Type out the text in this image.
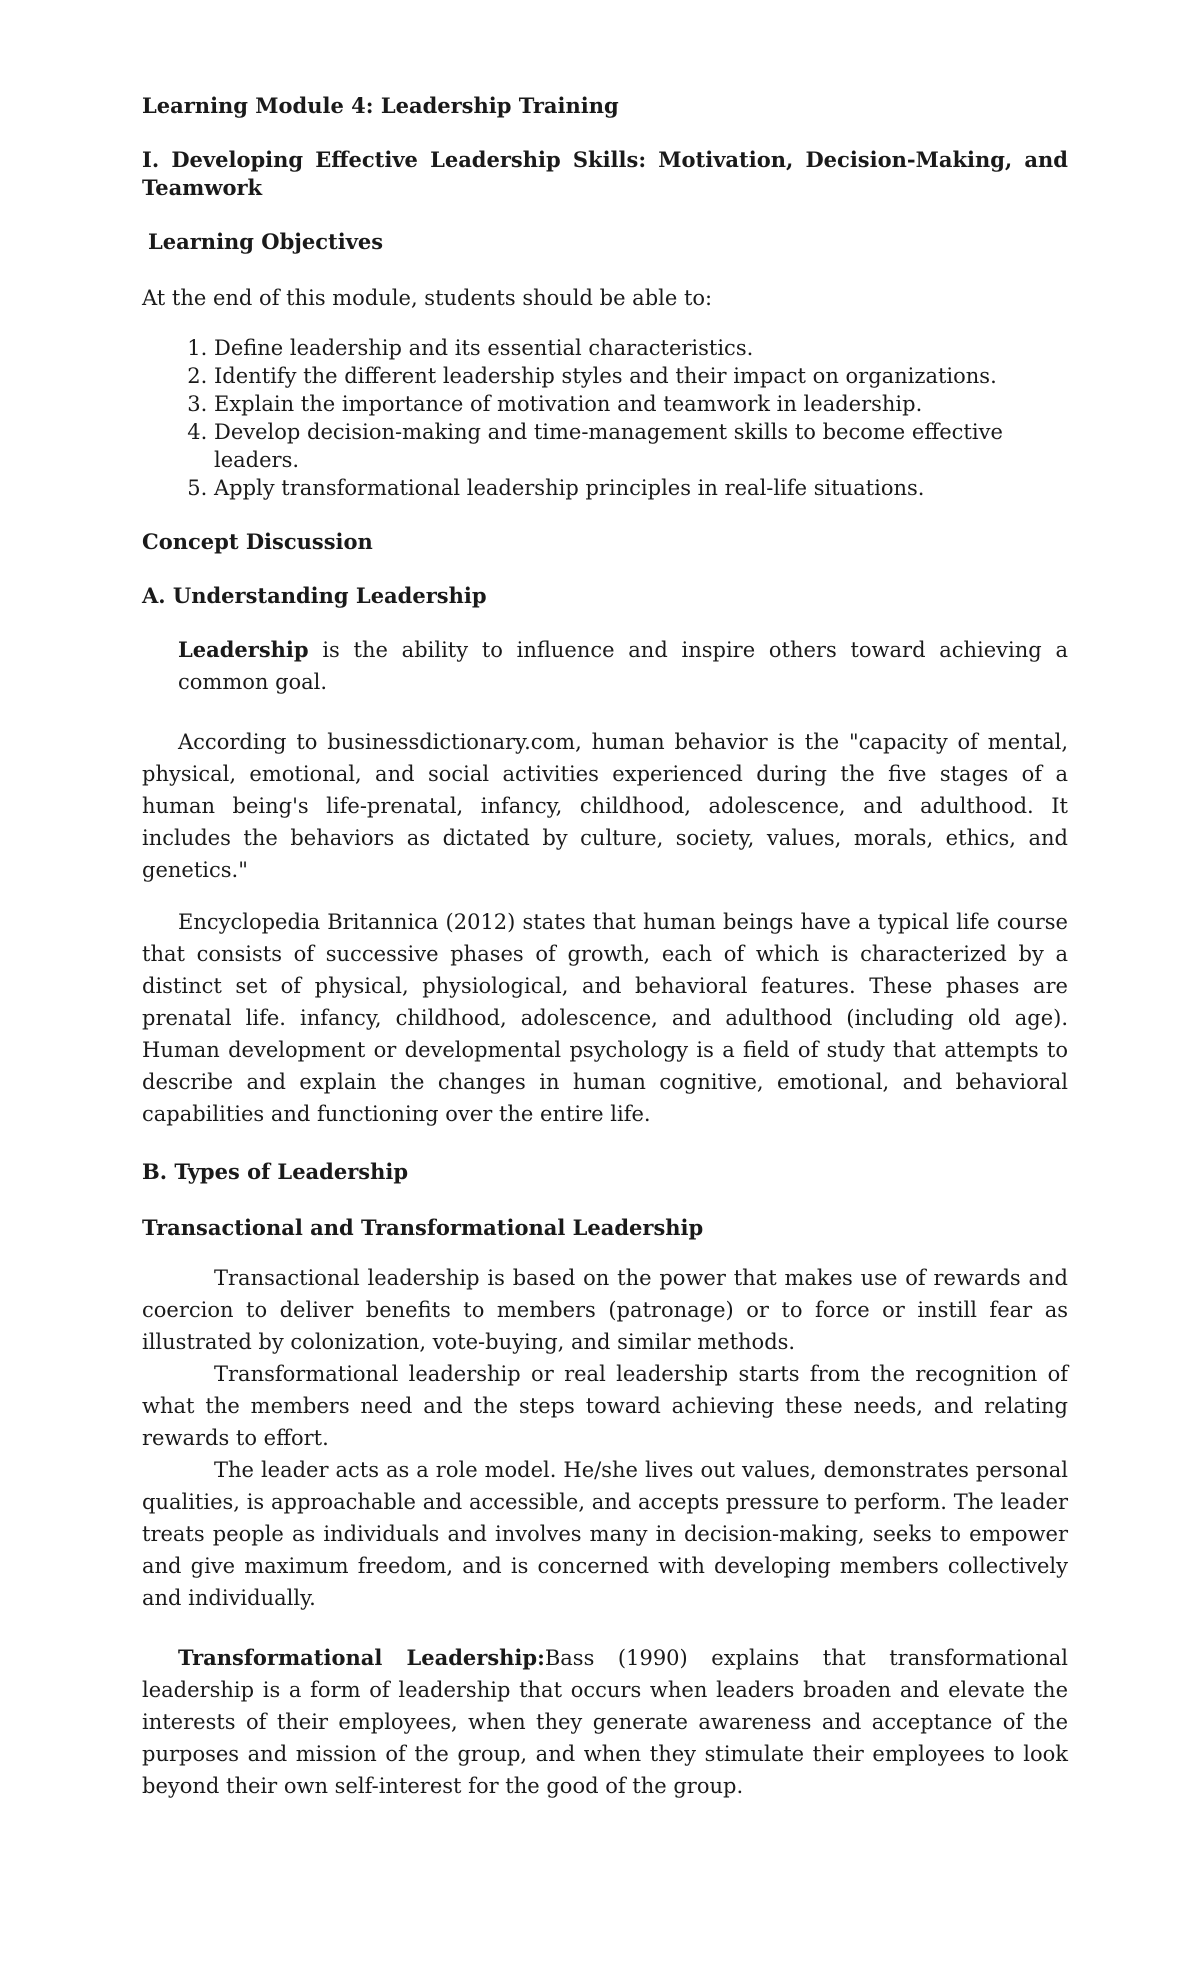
Learning Module 4: Leadership Training

I. Developing Effective Leadership Skills: Motivation, Decision-Making, and Teamwork

Learning Objectives

At the end of this module, students should be able to:

1. Define leadership and its essential characteristics.
2. Identify the different leadership styles and their impact on organizations.
3. Explain the importance of motivation and teamwork in leadership.
4. Develop decision-making and time-management skills to become effective leaders.
5. Apply transformational leadership principles in real-life situations.

Concept Discussion

A. Understanding Leadership

Leadership is the ability to influence and inspire others toward achieving a common goal.

According to businessdictionary.com, human behavior is the "capacity of mental, physical, emotional, and social activities experienced during the five stages of a human being's life-prenatal, infancy, childhood, adolescence, and adulthood. It includes the behaviors as dictated by culture, society, values, morals, ethics, and genetics."

Encyclopedia Britannica (2012) states that human beings have a typical life course that consists of successive phases of growth, each of which is characterized by a distinct set of physical, physiological, and behavioral features. These phases are prenatal life. infancy, childhood, adolescence, and adulthood (including old age). Human development or developmental psychology is a field of study that attempts to describe and explain the changes in human cognitive, emotional, and behavioral capabilities and functioning over the entire life.

B. Types of Leadership

Transactional and Transformational Leadership

Transactional leadership is based on the power that makes use of rewards and coercion to deliver benefits to members (patronage) or to force or instill fear as illustrated by colonization, vote-buying, and similar methods.

Transformational leadership or real leadership starts from the recognition of what the members need and the steps toward achieving these needs, and relating rewards to effort.

The leader acts as a role model. He/she lives out values, demonstrates personal qualities, is approachable and accessible, and accepts pressure to perform. The leader treats people as individuals and involves many in decision-making, seeks to empower and give maximum freedom, and is concerned with developing members collectively and individually.

Transformational Leadership:Bass (1990) explains that transformational leadership is a form of leadership that occurs when leaders broaden and elevate the interests of their employees, when they generate awareness and acceptance of the purposes and mission of the group, and when they stimulate their employees to look beyond their own self-interest for the good of the group.
